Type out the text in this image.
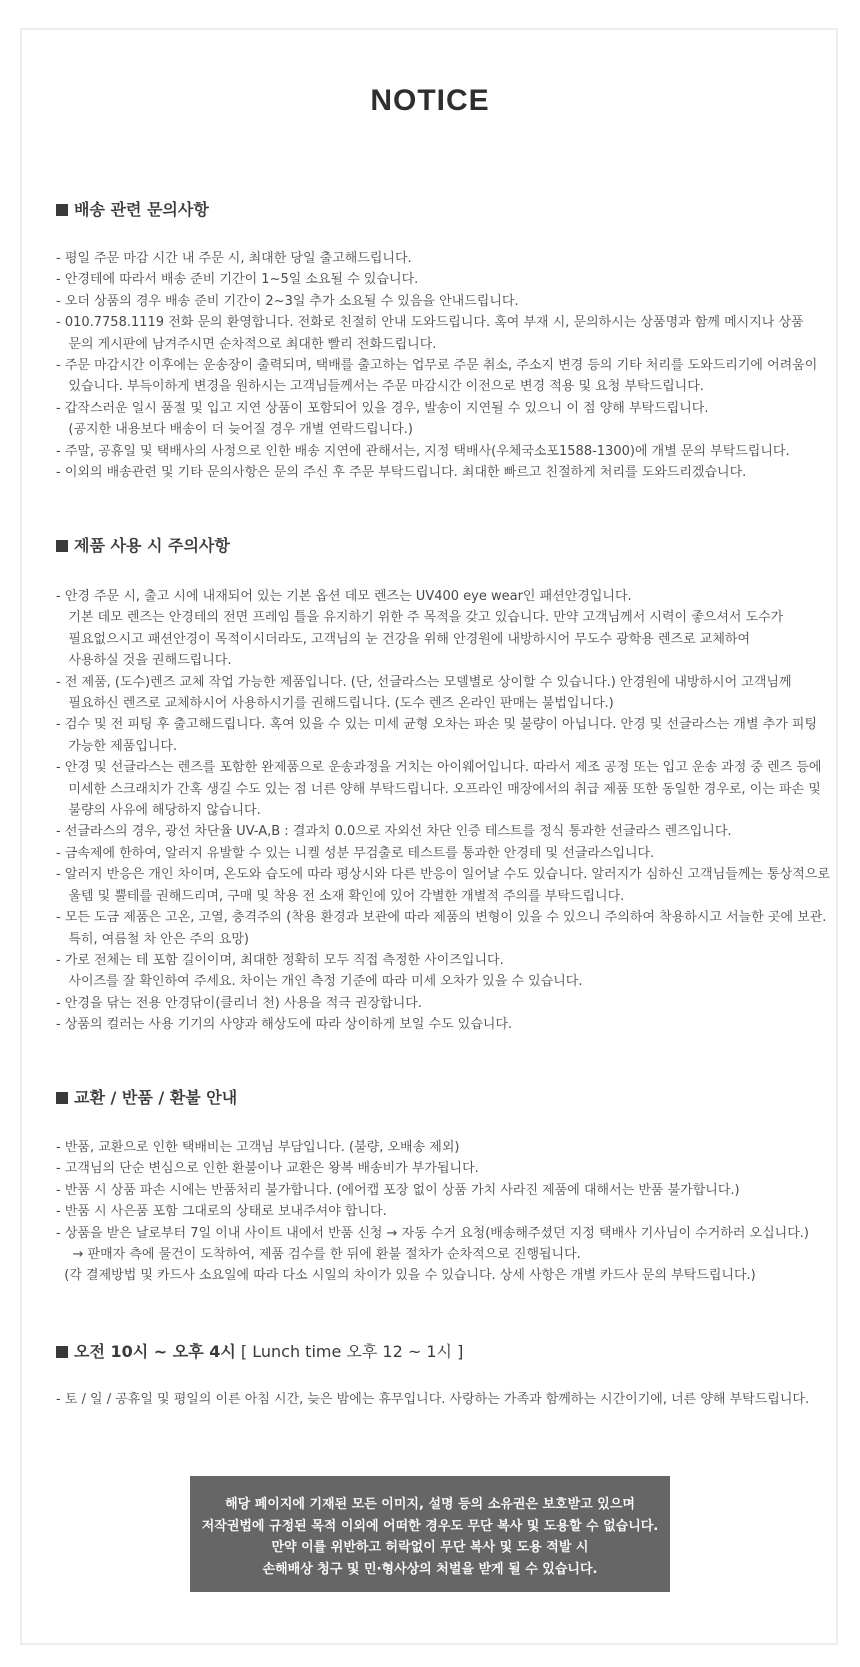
NOTICE
배송 관련 문의사항
- 평일 주문 마감 시간 내 주문 시, 최대한 당일 출고해드립니다.
- 안경테에 따라서 배송 준비 기간이 1~5일 소요될 수 있습니다.
- 오더 상품의 경우 배송 준비 기간이 2~3일 추가 소요될 수 있음을 안내드립니다.
- 010.7758.1119 전화 문의 환영합니다. 전화로 친절히 안내 도와드립니다. 혹여 부재 시, 문의하시는 상품명과 함께 메시지나 상품
문의 게시판에 남겨주시면 순차적으로 최대한 빨리 전화드립니다.
- 주문 마감시간 이후에는 운송장이 출력되며, 택배를 출고하는 업무로 주문 취소, 주소지 변경 등의 기타 처리를 도와드리기에 어려움이
있습니다. 부득이하게 변경을 원하시는 고객님들께서는 주문 마감시간 이전으로 변경 적용 및 요청 부탁드립니다.
- 갑작스러운 일시 품절 및 입고 지연 상품이 포함되어 있을 경우, 발송이 지연될 수 있으니 이 점 양해 부탁드립니다.
(공지한 내용보다 배송이 더 늦어질 경우 개별 연락드립니다.)
- 주말, 공휴일 및 택배사의 사정으로 인한 배송 지연에 관해서는, 지정 택배사(우체국소포1588-1300)에 개별 문의 부탁드립니다.
- 이외의 배송관련 및 기타 문의사항은 문의 주신 후 주문 부탁드립니다. 최대한 빠르고 친절하게 처리를 도와드리겠습니다.
제품 사용 시 주의사항
- 안경 주문 시, 출고 시에 내재되어 있는 기본 옵션 데모 렌즈는 UV400 eye wear인 패션안경입니다.
기본 데모 렌즈는 안경테의 전면 프레임 틀을 유지하기 위한 주 목적을 갖고 있습니다. 만약 고객님께서 시력이 좋으셔서 도수가
필요없으시고 패션안경이 목적이시더라도, 고객님의 눈 건강을 위해 안경원에 내방하시어 무도수 광학용 렌즈로 교체하여
사용하실 것을 권해드립니다.
- 전 제품, (도수)렌즈 교체 작업 가능한 제품입니다. (단, 선글라스는 모델별로 상이할 수 있습니다.) 안경원에 내방하시어 고객님께
필요하신 렌즈로 교체하시어 사용하시기를 권해드립니다. (도수 렌즈 온라인 판매는 불법입니다.)
- 검수 및 전 피팅 후 출고해드립니다. 혹여 있을 수 있는 미세 균형 오차는 파손 및 불량이 아닙니다. 안경 및 선글라스는 개별 추가 피팅
가능한 제품입니다.
- 안경 및 선글라스는 렌즈를 포함한 완제품으로 운송과정을 거치는 아이웨어입니다. 따라서 제조 공정 또는 입고 운송 과정 중 렌즈 등에
미세한 스크래치가 간혹 생길 수도 있는 점 너른 양해 부탁드립니다. 오프라인 매장에서의 취급 제품 또한 동일한 경우로, 이는 파손 및
불량의 사유에 해당하지 않습니다.
- 선글라스의 경우, 광선 차단율 UV-A,B : 결과치 0.0으로 자외선 차단 인증 테스트를 정식 통과한 선글라스 렌즈입니다.
- 금속제에 한하여, 알러지 유발할 수 있는 니켈 성분 무검출로 테스트를 통과한 안경테 및 선글라스입니다.
- 알러지 반응은 개인 차이며, 온도와 습도에 따라 평상시와 다른 반응이 일어날 수도 있습니다. 알러지가 심하신 고객님들께는 통상적으로
울템 및 뿔테를 권해드리며, 구매 및 착용 전 소재 확인에 있어 각별한 개별적 주의를 부탁드립니다.
- 모든 도금 제품은 고온, 고열, 충격주의 (착용 환경과 보관에 따라 제품의 변형이 있을 수 있으니 주의하여 착용하시고 서늘한 곳에 보관.
특히, 여름철 차 안은 주의 요망)
- 가로 전체는 테 포함 길이이며, 최대한 정확히 모두 직접 측정한 사이즈입니다.
사이즈를 잘 확인하여 주세요. 차이는 개인 측정 기준에 따라 미세 오차가 있을 수 있습니다.
- 안경을 닦는 전용 안경닦이(클리너 천) 사용을 적극 권장합니다.
- 상품의 컬러는 사용 기기의 사양과 해상도에 따라 상이하게 보일 수도 있습니다.
교환 / 반품 / 환불 안내
- 반품, 교환으로 인한 택배비는 고객님 부담입니다. (불량, 오배송 제외)
- 고객님의 단순 변심으로 인한 환불이나 교환은 왕복 배송비가 부가됩니다.
- 반품 시 상품 파손 시에는 반품처리 불가합니다. (에어캡 포장 없이 상품 가치 사라진 제품에 대해서는 반품 불가합니다.)
- 반품 시 사은품 포함 그대로의 상태로 보내주셔야 합니다.
- 상품을 받은 날로부터 7일 이내 사이트 내에서 반품 신청 → 자동 수거 요청(배송해주셨던 지정 택배사 기사님이 수거하러 오십니다.)
→ 판매자 측에 물건이 도착하여, 제품 검수를 한 뒤에 환불 절차가 순차적으로 진행됩니다.
(각 결제방법 및 카드사 소요일에 따라 다소 시일의 차이가 있을 수 있습니다. 상세 사항은 개별 카드사 문의 부탁드립니다.)
오전 10시 ~ 오후 4시 [ Lunch time 오후 12 ~ 1시 ]
- 토 / 일 / 공휴일 및 평일의 이른 아침 시간, 늦은 밤에는 휴무입니다. 사랑하는 가족과 함께하는 시간이기에, 너른 양해 부탁드립니다.
해당 페이지에 기재된 모든 이미지, 설명 등의 소유권은 보호받고 있으며
저작권법에 규정된 목적 이외에 어떠한 경우도 무단 복사 및 도용할 수 없습니다.
만약 이를 위반하고 허락없이 무단 복사 및 도용 적발 시
손해배상 청구 및 민·형사상의 처벌을 받게 될 수 있습니다.
